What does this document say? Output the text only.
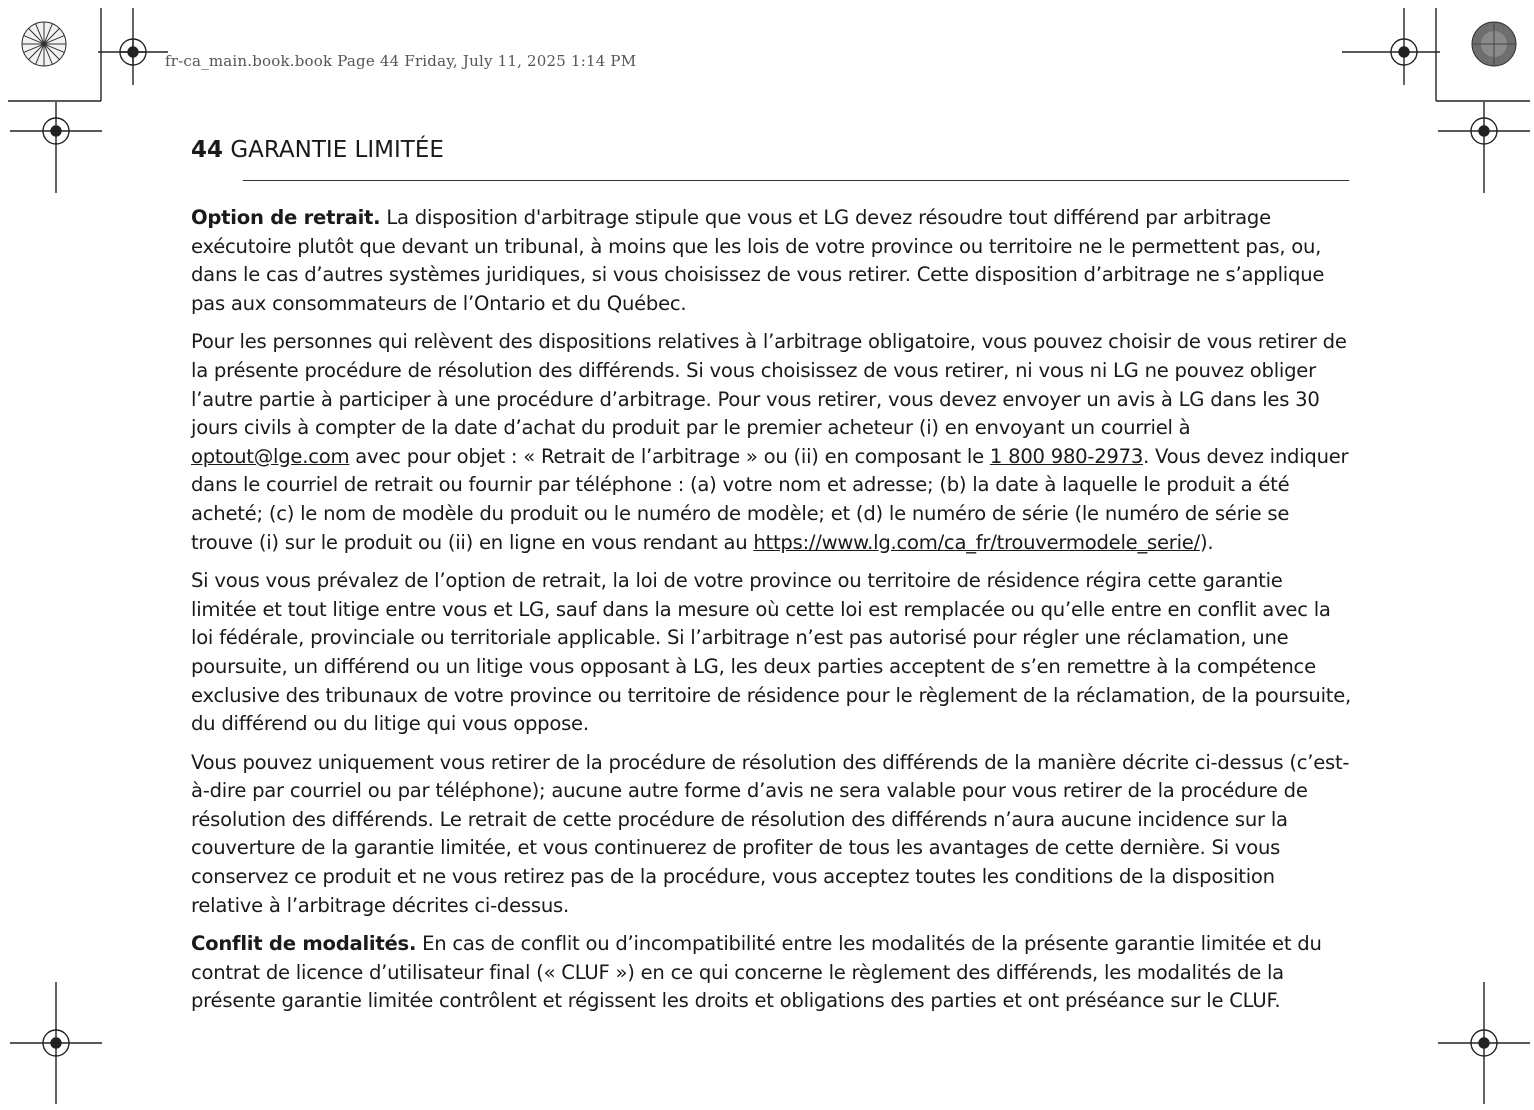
fr-ca_main.book.book Page 44 Friday, July 11, 2025 1:14 PM
44 GARANTIE LIMITÉE

Option de retrait. La disposition d'arbitrage stipule que vous et LG devez résoudre tout différend par arbitrage exécutoire plutôt que devant un tribunal, à moins que les lois de votre province ou territoire ne le permettent pas, ou, dans le cas d’autres systèmes juridiques, si vous choisissez de vous retirer. Cette disposition d’arbitrage ne s’applique pas aux consommateurs de l’Ontario et du Québec.

Pour les personnes qui relèvent des dispositions relatives à l’arbitrage obligatoire, vous pouvez choisir de vous retirer de la présente procédure de résolution des différends. Si vous choisissez de vous retirer, ni vous ni LG ne pouvez obliger l’autre partie à participer à une procédure d’arbitrage. Pour vous retirer, vous devez envoyer un avis à LG dans les 30 jours civils à compter de la date d’achat du produit par le premier acheteur (i) en envoyant un courriel à optout@lge.com avec pour objet : « Retrait de l’arbitrage » ou (ii) en composant le 1 800 980-2973. Vous devez indiquer dans le courriel de retrait ou fournir par téléphone : (a) votre nom et adresse; (b) la date à laquelle le produit a été acheté; (c) le nom de modèle du produit ou le numéro de modèle; et (d) le numéro de série (le numéro de série se trouve (i) sur le produit ou (ii) en ligne en vous rendant au https://www.lg.com/ca_fr/trouvermodele_serie/).

Si vous vous prévalez de l’option de retrait, la loi de votre province ou territoire de résidence régira cette garantie limitée et tout litige entre vous et LG, sauf dans la mesure où cette loi est remplacée ou qu’elle entre en conflit avec la loi fédérale, provinciale ou territoriale applicable. Si l’arbitrage n’est pas autorisé pour régler une réclamation, une poursuite, un différend ou un litige vous opposant à LG, les deux parties acceptent de s’en remettre à la compétence exclusive des tribunaux de votre province ou territoire de résidence pour le règlement de la réclamation, de la poursuite, du différend ou du litige qui vous oppose.

Vous pouvez uniquement vous retirer de la procédure de résolution des différends de la manière décrite ci-dessus (c’est-à-dire par courriel ou par téléphone); aucune autre forme d’avis ne sera valable pour vous retirer de la procédure de résolution des différends. Le retrait de cette procédure de résolution des différends n’aura aucune incidence sur la couverture de la garantie limitée, et vous continuerez de profiter de tous les avantages de cette dernière. Si vous conservez ce produit et ne vous retirez pas de la procédure, vous acceptez toutes les conditions de la disposition relative à l’arbitrage décrites ci-dessus.

Conflit de modalités. En cas de conflit ou d’incompatibilité entre les modalités de la présente garantie limitée et du contrat de licence d’utilisateur final (« CLUF ») en ce qui concerne le règlement des différends, les modalités de la présente garantie limitée contrôlent et régissent les droits et obligations des parties et ont préséance sur le CLUF.
